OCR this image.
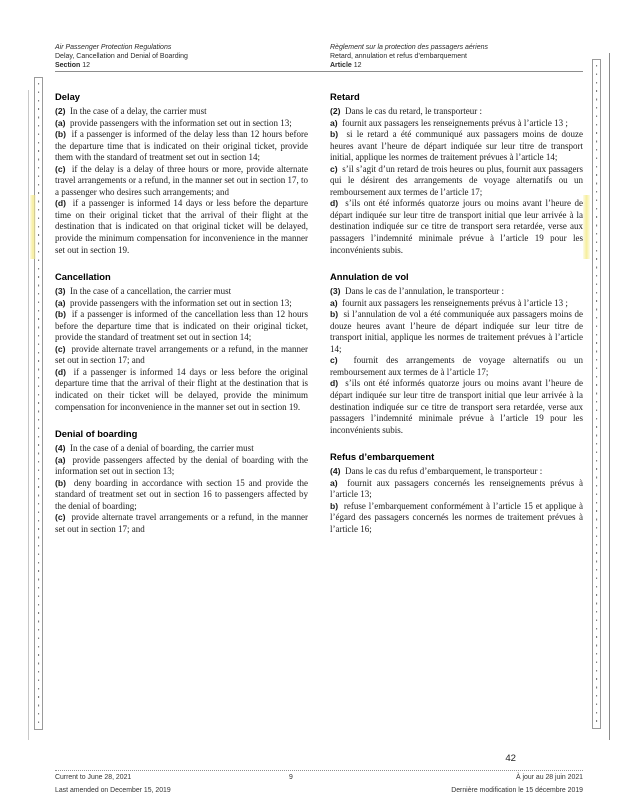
Air Passenger Protection Regulations
Delay, Cancellation and Denial of Boarding
Section 12
Règlement sur la protection des passagers aériens
Retard, annulation et refus d’embarquement
Article 12
Delay

(2)  In the case of a delay, the carrier must

(a)  provide passengers with the information set out in section 13;

(b)  if a passenger is informed of the delay less than 12 hours before the departure time that is indicated on their original ticket, provide them with the standard of treatment set out in section 14;

(c)  if the delay is a delay of three hours or more, provide alternate travel arrangements or a refund, in the manner set out in section 17, to a passenger who desires such arrangements; and

(d)  if a passenger is informed 14 days or less before the departure time on their original ticket that the arrival of their flight at the destination that is indicated on that original ticket will be delayed, provide the minimum compensation for inconvenience in the manner set out in section 19.

Cancellation

(3)  In the case of a cancellation, the carrier must

(a)  provide passengers with the information set out in section 13;

(b)  if a passenger is informed of the cancellation less than 12 hours before the departure time that is indicated on their original ticket, provide the standard of treatment set out in section 14;

(c)  provide alternate travel arrangements or a refund, in the manner set out in section 17; and

(d)  if a passenger is informed 14 days or less before the original departure time that the arrival of their flight at the destination that is indicated on their ticket will be delayed, provide the minimum compensation for inconvenience in the manner set out in section 19.

Denial of boarding

(4)  In the case of a denial of boarding, the carrier must

(a)  provide passengers affected by the denial of boarding with the information set out in section 13;

(b)  deny boarding in accordance with section 15 and provide the standard of treatment set out in section 16 to passengers affected by the denial of boarding;

(c)  provide alternate travel arrangements or a refund, in the manner set out in section 17; and

Retard

(2)  Dans le cas du retard, le transporteur :

a)  fournit aux passagers les renseignements prévus à l’article 13 ;

b)  si le retard a été communiqué aux passagers moins de douze heures avant l’heure de départ indiquée sur leur titre de transport initial, applique les normes de traitement prévues à l’article 14;

c)  s’il s’agit d’un retard de trois heures ou plus, fournit aux passagers qui le désirent des arrangements de voyage alternatifs ou un remboursement aux termes de l’article 17;

d)  s’ils ont été informés quatorze jours ou moins avant l’heure de départ indiquée sur leur titre de transport initial que leur arrivée à la destination indiquée sur ce titre de transport sera retardée, verse aux passagers l’indemnité minimale prévue à l’article 19 pour les inconvénients subis.

Annulation de vol

(3)  Dans le cas de l’annulation, le transporteur :

a)  fournit aux passagers les renseignements prévus à l’article 13 ;

b)  si l’annulation de vol a été communiquée aux passagers moins de douze heures avant l’heure de départ indiquée sur leur titre de transport initial, applique les normes de traitement prévues à l’article 14;

c)  fournit des arrangements de voyage alternatifs ou un remboursement aux termes de à l’article 17;

d)  s’ils ont été informés quatorze jours ou moins avant l’heure de départ indiquée sur leur titre de transport initial que leur arrivée à la destination indiquée sur ce titre de transport sera retardée, verse aux passagers l’indemnité minimale prévue à l’article 19 pour les inconvénients subis.

Refus d’embarquement

(4)  Dans le cas du refus d’embarquement, le transporteur :

a)  fournit aux passagers concernés les renseignements prévus à l’article 13;

b)  refuse l’embarquement conformément à l’article 15 et applique à l’égard des passagers concernés les normes de traitement prévues à l’article 16;

42
Current to June 28, 2021	9	À jour au 28 juin 2021
Last amended on December 15, 2019	Dernière modification le 15 décembre 2019
